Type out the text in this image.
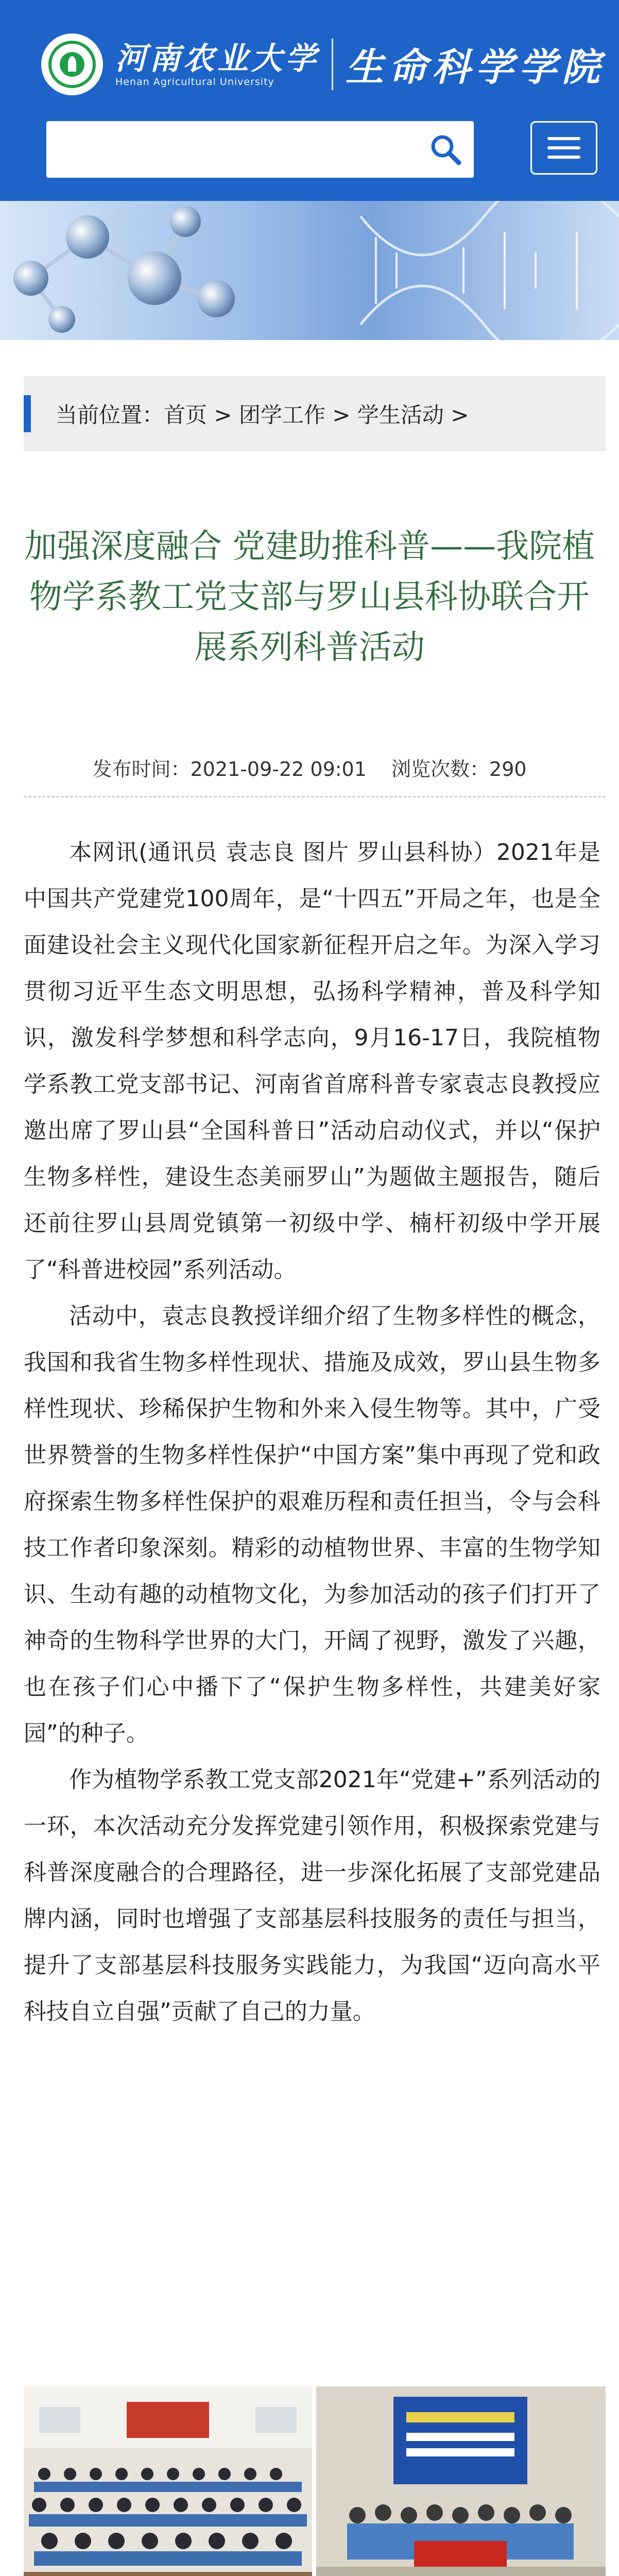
河南农业大学
Henan Agricultural University	生命科学学院
当前位置：首页 > 团学工作 > 学生活动 >
加强深度融合 党建助推科普——我院植物学系教工党支部与罗山县科协联合开展系列科普活动
发布时间：2021-09-22 09:01 浏览次数：290

本网讯(通讯员 袁志良 图片 罗山县科协）2021年是中国共产党建党100周年，是“十四五”开局之年，也是全面建设社会主义现代化国家新征程开启之年。为深入学习贯彻习近平生态文明思想，弘扬科学精神，普及科学知识，激发科学梦想和科学志向，9月16-17日，我院植物学系教工党支部书记、河南省首席科普专家袁志良教授应邀出席了罗山县“全国科普日”活动启动仪式，并以“保护生物多样性，建设生态美丽罗山”为题做主题报告，随后还前往罗山县周党镇第一初级中学、楠杆初级中学开展了“科普进校园”系列活动。

活动中，袁志良教授详细介绍了生物多样性的概念，我国和我省生物多样性现状、措施及成效，罗山县生物多样性现状、珍稀保护生物和外来入侵生物等。其中，广受世界赞誉的生物多样性保护“中国方案”集中再现了党和政府探索生物多样性保护的艰难历程和责任担当，令与会科技工作者印象深刻。精彩的动植物世界、丰富的生物学知识、生动有趣的动植物文化，为参加活动的孩子们打开了神奇的生物科学世界的大门，开阔了视野，激发了兴趣，也在孩子们心中播下了“保护生物多样性，共建美好家园”的种子。

作为植物学系教工党支部2021年“党建+”系列活动的一环，本次活动充分发挥党建引领作用，积极探索党建与科普深度融合的合理路径，进一步深化拓展了支部党建品牌内涵，同时也增强了支部基层科技服务的责任与担当，提升了支部基层科技服务实践能力，为我国“迈向高水平科技自立自强”贡献了自己的力量。
